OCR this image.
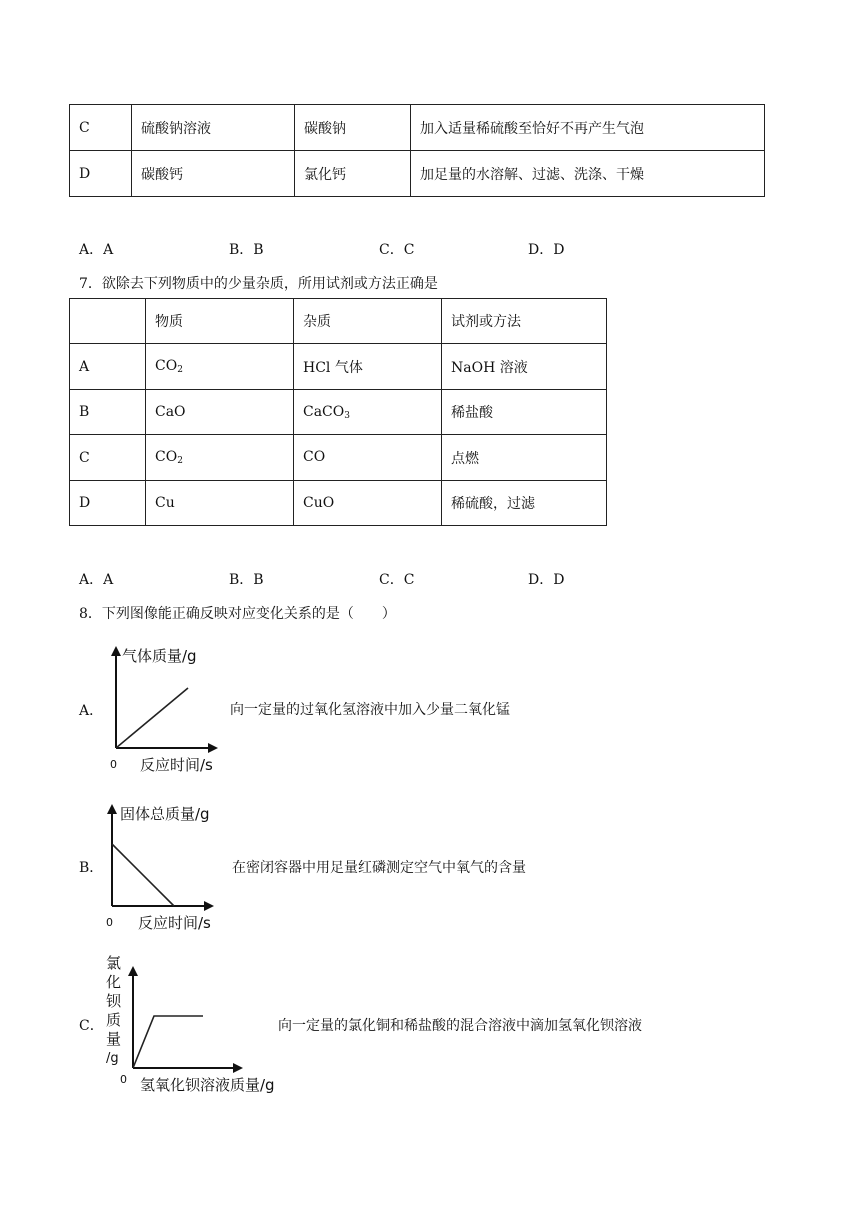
C	硫酸钠溶液	碳酸钠	加入适量稀硫酸至恰好不再产生气泡
D	碳酸钙	氯化钙	加足量的水溶解、过滤、洗涤、干燥
A．A	B．B	C．C	D．D
7．欲除去下列物质中的少量杂质，所用试剂或方法正确是
	物质	杂质	试剂或方法
A	$CO_2$	HCl 气体	NaOH 溶液
B	CaO	CaCO$_3$	稀盐酸
C	$CO_2$	CO	点燃
D	Cu	CuO	稀硫酸，过滤
A．A	B．B	C．C	D．D
8．下列图像能正确反映对应变化关系的是（　　）
A．
气体质量/g
反应时间/s
0
向一定量的过氧化氢溶液中加入少量二氧化锰
B．
固体总质量/g
反应时间/s
0
在密闭容器中用足量红磷测定空气中氧气的含量
C．
氯
化
钡
质
量
/g
0 氢氧化钡溶液质量/g
向一定量的氯化铜和稀盐酸的混合溶液中滴加氢氧化钡溶液
